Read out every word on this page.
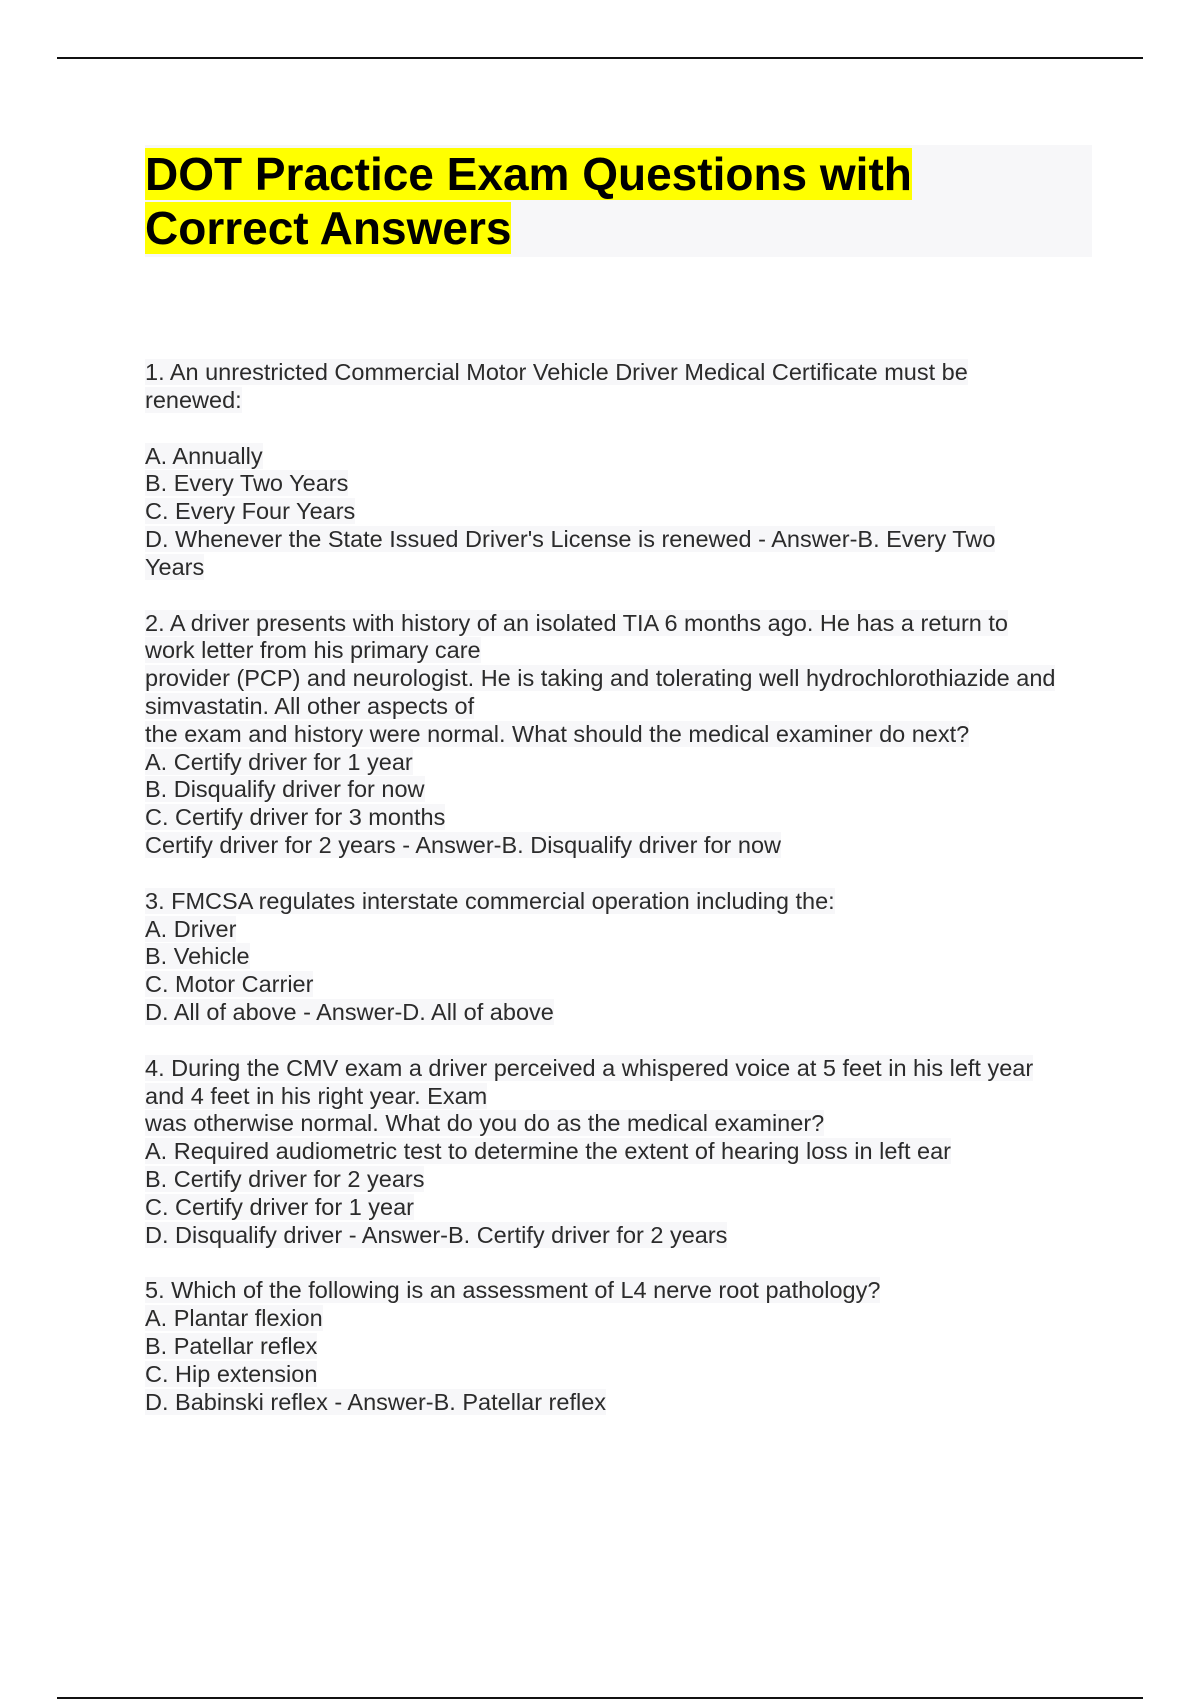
DOT Practice Exam Questions with
Correct Answers
1. An unrestricted Commercial Motor Vehicle Driver Medical Certificate must be
renewed:
A. Annually
B. Every Two Years
C. Every Four Years
D. Whenever the State Issued Driver's License is renewed - Answer-B. Every Two
Years
2. A driver presents with history of an isolated TIA 6 months ago. He has a return to
work letter from his primary care
provider (PCP) and neurologist. He is taking and tolerating well hydrochlorothiazide and
simvastatin. All other aspects of
the exam and history were normal. What should the medical examiner do next?
A. Certify driver for 1 year
B. Disqualify driver for now
C. Certify driver for 3 months
Certify driver for 2 years - Answer-B. Disqualify driver for now
3. FMCSA regulates interstate commercial operation including the:
A. Driver
B. Vehicle
C. Motor Carrier
D. All of above - Answer-D. All of above
4. During the CMV exam a driver perceived a whispered voice at 5 feet in his left year
and 4 feet in his right year. Exam
was otherwise normal. What do you do as the medical examiner?
A. Required audiometric test to determine the extent of hearing loss in left ear
B. Certify driver for 2 years
C. Certify driver for 1 year
D. Disqualify driver - Answer-B. Certify driver for 2 years
5. Which of the following is an assessment of L4 nerve root pathology?
A. Plantar flexion
B. Patellar reflex
C. Hip extension
D. Babinski reflex - Answer-B. Patellar reflex
